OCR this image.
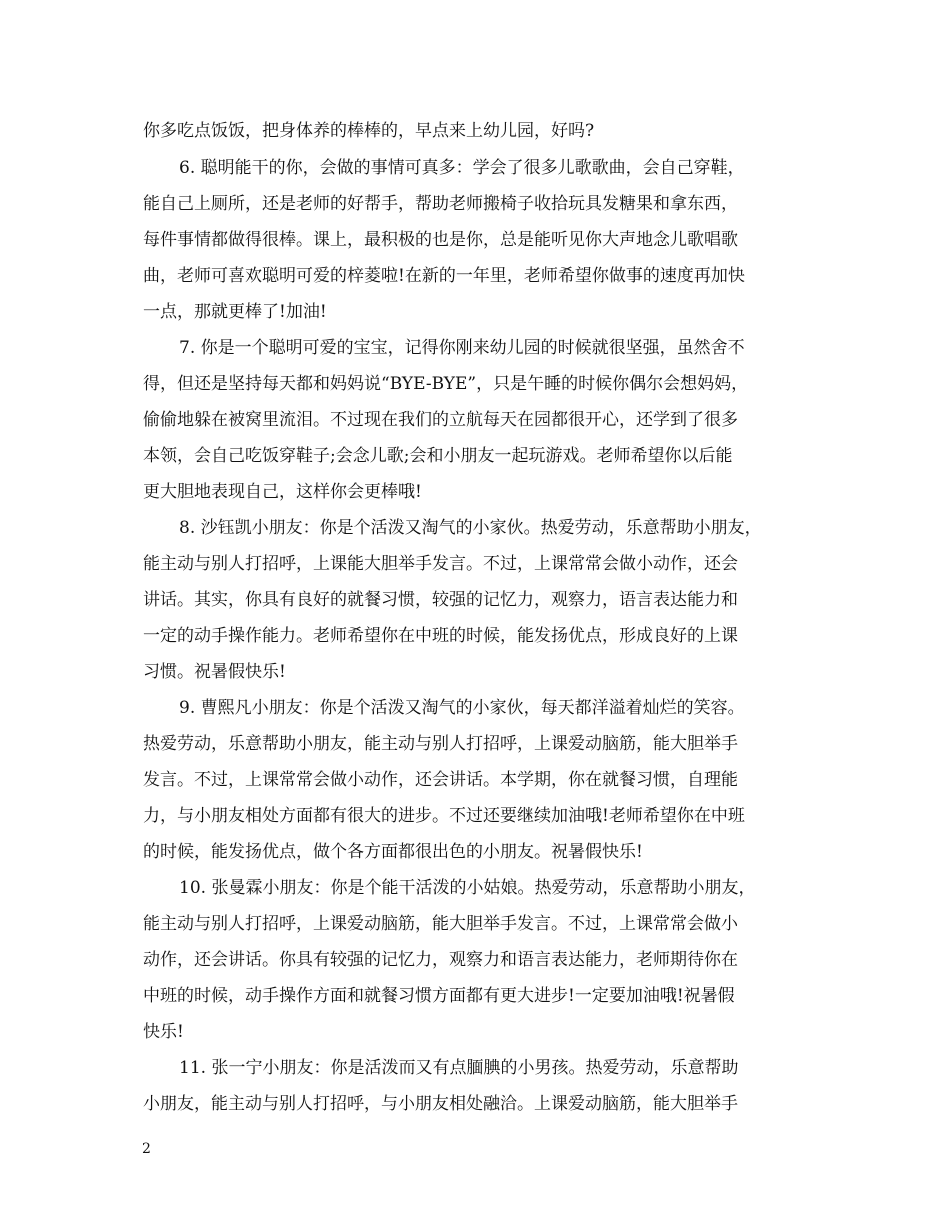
你多吃点饭饭，把身体养的棒棒的，早点来上幼儿园，好吗?
6. 聪明能干的你，会做的事情可真多：学会了很多儿歌歌曲，会自己穿鞋，
能自己上厕所，还是老师的好帮手，帮助老师搬椅子收拾玩具发糖果和拿东西，
每件事情都做得很棒。课上，最积极的也是你，总是能听见你大声地念儿歌唱歌
曲，老师可喜欢聪明可爱的梓菱啦!在新的一年里，老师希望你做事的速度再加快
一点，那就更棒了!加油!
7. 你是一个聪明可爱的宝宝，记得你刚来幼儿园的时候就很坚强，虽然舍不
得，但还是坚持每天都和妈妈说“BYE-BYE”，只是午睡的时候你偶尔会想妈妈，
偷偷地躲在被窝里流泪。不过现在我们的立航每天在园都很开心，还学到了很多
本领，会自己吃饭穿鞋子;会念儿歌;会和小朋友一起玩游戏。老师希望你以后能
更大胆地表现自己，这样你会更棒哦!
8. 沙钰凯小朋友：你是个活泼又淘气的小家伙。热爱劳动，乐意帮助小朋友，
能主动与别人打招呼，上课能大胆举手发言。不过，上课常常会做小动作，还会
讲话。其实，你具有良好的就餐习惯，较强的记忆力，观察力，语言表达能力和
一定的动手操作能力。老师希望你在中班的时候，能发扬优点，形成良好的上课
习惯。祝暑假快乐!
9. 曹熙凡小朋友：你是个活泼又淘气的小家伙，每天都洋溢着灿烂的笑容。
热爱劳动，乐意帮助小朋友，能主动与别人打招呼，上课爱动脑筋，能大胆举手
发言。不过，上课常常会做小动作，还会讲话。本学期，你在就餐习惯，自理能
力，与小朋友相处方面都有很大的进步。不过还要继续加油哦!老师希望你在中班
的时候，能发扬优点，做个各方面都很出色的小朋友。祝暑假快乐!
10. 张曼霖小朋友：你是个能干活泼的小姑娘。热爱劳动，乐意帮助小朋友，
能主动与别人打招呼，上课爱动脑筋，能大胆举手发言。不过，上课常常会做小
动作，还会讲话。你具有较强的记忆力，观察力和语言表达能力，老师期待你在
中班的时候，动手操作方面和就餐习惯方面都有更大进步!一定要加油哦!祝暑假
快乐!
11. 张一宁小朋友：你是活泼而又有点腼腆的小男孩。热爱劳动，乐意帮助
小朋友，能主动与别人打招呼，与小朋友相处融洽。上课爱动脑筋，能大胆举手
2
